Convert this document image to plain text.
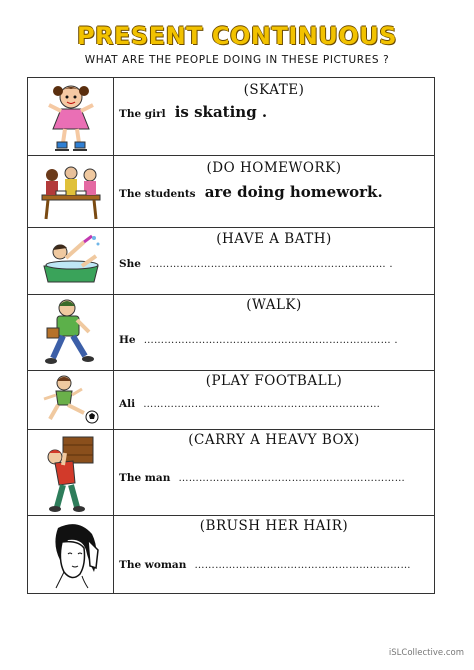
PRESENT CONTINUOUS
WHAT ARE THE PEOPLE DOING IN THESE PICTURES ?
(SKATE)
The girl is skating .
(DO HOMEWORK)
The students are doing homework.
(HAVE A BATH)
She …………………………………………………………… .
(WALK)
He ……………………………………………………………… .
(PLAY FOOTBALL)
Ali ……………………………………………………………
(CARRY A HEAVY BOX)
The man …………………………………………………………
(BRUSH HER HAIR)
The woman ………………………………………………………
iSLCollective.com
